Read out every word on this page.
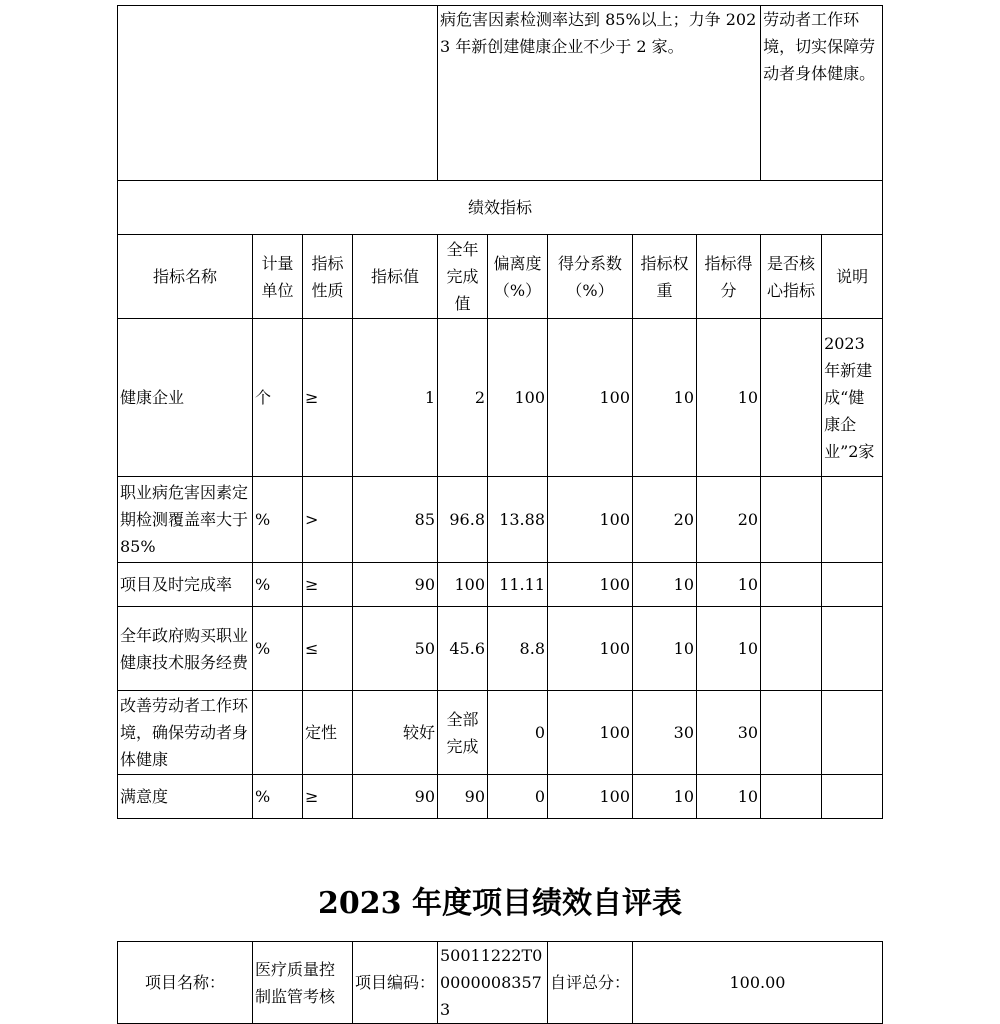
				病危害因素检测率达到 85%以上；力争 2023 年新创建健康企业不少于 2 家。					劳动者工作环境，切实保障劳动者身体健康。	
绩效指标										
指标名称	计量单位	指标性质	指标值	全年完成值	偏离度（%）	得分系数（%）	指标权重	指标得分	是否核心指标	说明
健康企业	个	≥	1	2	100	100	10	10		2023年新建成“健康企业”2家
职业病危害因素定期检测覆盖率大于 85%	%	>	85	96.8	13.88	100	20	20		
项目及时完成率	%	≥	90	100	11.11	100	10	10		
全年政府购买职业健康技术服务经费	%	≤	50	45.6	8.8	100	10	10		
改善劳动者工作环境，确保劳动者身体健康		定性	较好	全部完成	0	100	30	30		
满意度	%	≥	90	90	0	100	10	10		
2023 年度项目绩效自评表
项目名称：	医疗质量控制监管考核	项目编码：	50011222T000000083573	自评总分：	100.00
